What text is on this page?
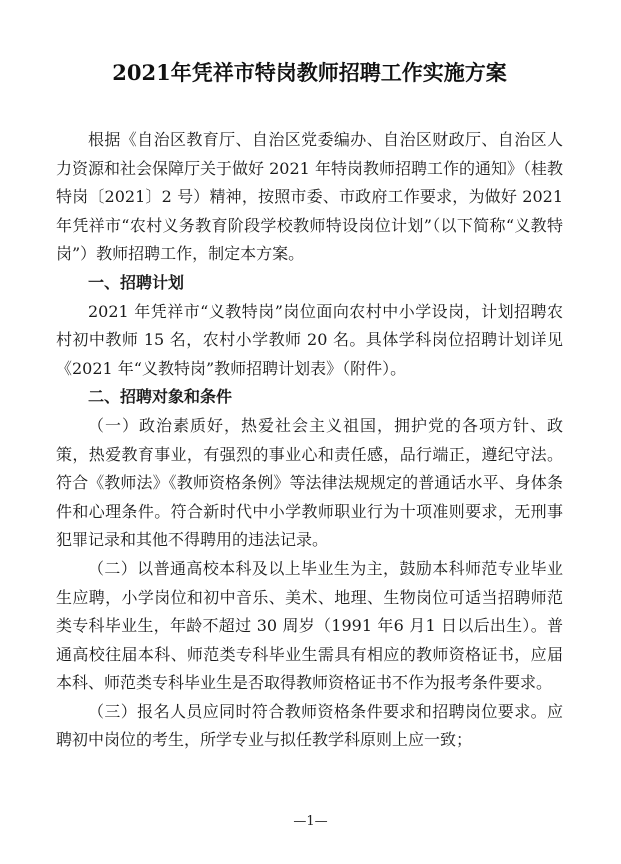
2021年凭祥市特岗教师招聘工作实施方案

根据《自治区教育厅、自治区党委编办、自治区财政厅、自治区人力资源和社会保障厅关于做好 2021 年特岗教师招聘工作的通知》（桂教特岗〔2021〕2 号）精神，按照市委、市政府工作要求，为做好 2021 年凭祥市“农村义务教育阶段学校教师特设岗位计划”（以下简称“义教特岗”）教师招聘工作，制定本方案。

一、招聘计划

2021 年凭祥市“义教特岗”岗位面向农村中小学设岗，计划招聘农村初中教师 15 名，农村小学教师 20 名。具体学科岗位招聘计划详见《2021 年“义教特岗”教师招聘计划表》（附件）。

二、招聘对象和条件

（一）政治素质好，热爱社会主义祖国，拥护党的各项方针、政策，热爱教育事业，有强烈的事业心和责任感，品行端正，遵纪守法。符合《教师法》《教师资格条例》等法律法规规定的普通话水平、身体条件和心理条件。符合新时代中小学教师职业行为十项准则要求，无刑事犯罪记录和其他不得聘用的违法记录。

（二）以普通高校本科及以上毕业生为主，鼓励本科师范专业毕业生应聘，小学岗位和初中音乐、美术、地理、生物岗位可适当招聘师范类专科毕业生，年龄不超过 30 周岁（1991 年6 月1 日以后出生）。普通高校往届本科、师范类专科毕业生需具有相应的教师资格证书，应届本科、师范类专科毕业生是否取得教师资格证书不作为报考条件要求。

（三）报名人员应同时符合教师资格条件要求和招聘岗位要求。应聘初中岗位的考生，所学专业与拟任教学科原则上应一致；

—1—
